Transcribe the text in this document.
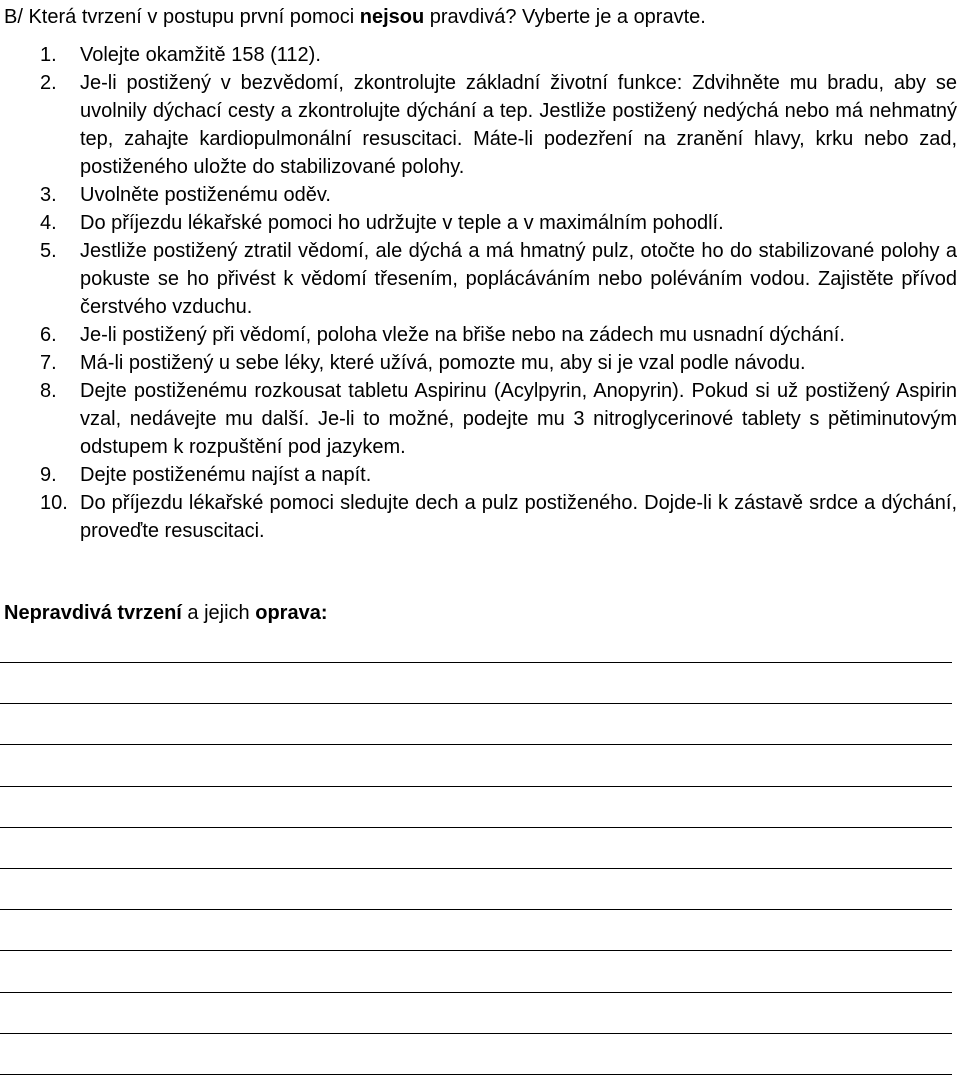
B/ Která tvrzení v postupu první pomoci nejsou pravdivá? Vyberte je a opravte.
1.	Volejte okamžitě 158 (112).
2.	Je-li postižený v bezvědomí, zkontrolujte základní životní funkce: Zdvihněte mu bradu, aby se uvolnily dýchací cesty a zkontrolujte dýchání a tep. Jestliže postižený nedýchá nebo má nehmatný tep, zahajte kardiopulmonální resuscitaci. Máte-li podezření na zranění hlavy, krku nebo zad, postiženého uložte do stabilizované polohy.
3.	Uvolněte postiženému oděv.
4.	Do příjezdu lékařské pomoci ho udržujte v teple a v maximálním pohodlí.
5.	Jestliže postižený ztratil vědomí, ale dýchá a má hmatný pulz, otočte ho do stabilizované polohy a pokuste se ho přivést k vědomí třesením, poplácáváním nebo poléváním vodou. Zajistěte přívod čerstvého vzduchu.
6.	Je-li postižený při vědomí, poloha vleže na břiše nebo na zádech mu usnadní dýchání.
7.	Má-li postižený u sebe léky, které užívá, pomozte mu, aby si je vzal podle návodu.
8.	Dejte postiženému rozkousat tabletu Aspirinu (Acylpyrin, Anopyrin). Pokud si už postižený Aspirin vzal, nedávejte mu další. Je-li to možné, podejte mu 3 nitroglycerinové tablety s pětiminutovým odstupem k rozpuštění pod jazykem.
9.	Dejte postiženému najíst a napít.
10. Do příjezdu lékařské pomoci sledujte dech a pulz postiženého. Dojde-li k zástavě srdce a dýchání, proveďte resuscitaci.
Nepravdivá tvrzení a jejich oprava:
